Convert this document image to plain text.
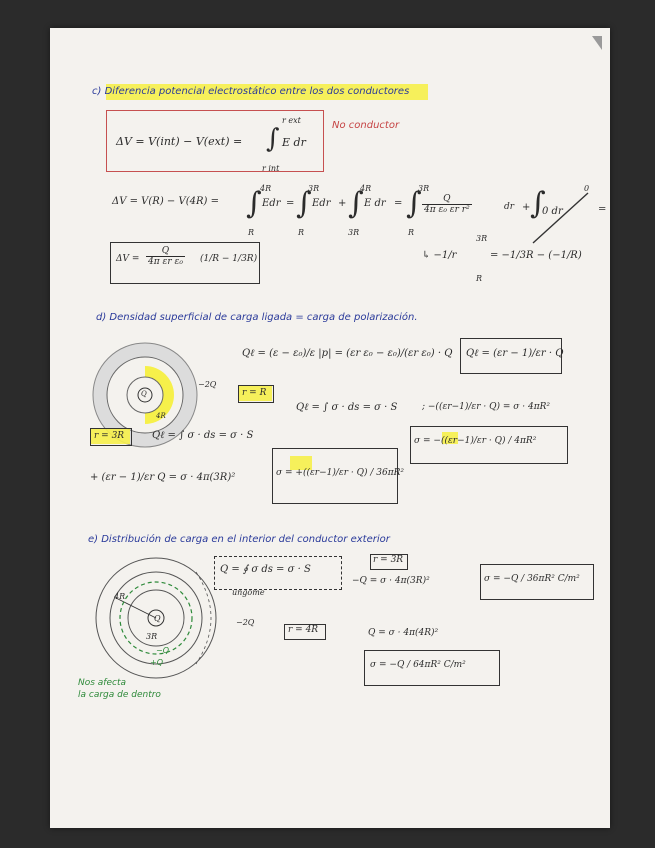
c) Diferencia potencial electrostático entre los dos conductores
ΔV = V(int) − V(ext) = ∫
r ext
r int
E dr
No conductor
ΔV = V(R) − V(4R) = ∫
4R
R
Edr = ∫
3R
R
Edr + ∫
4R
3R
E dr = ∫
3R
R
$\frac{Q}{\text{4π ε₀ εr r²}}$	dr + ∫
0 dr
0
=
↳ −1/r
3R
R
= −1/3R − (−1/R)
$\Delta V = \frac{Q}{\text{4π εr ε₀}} (1/R - 1/3R)$
d) Densidad superficial de carga ligada = carga de polarización.
Q
4R
−2Q
Qℓ = (ε − ε₀)/ε |p| = (εr ε₀ − ε₀)/(εr ε₀) · Q Qℓ = (εr − 1)/εr · Q
r = R
Qℓ = ∫ σ · ds = σ · S	; −((εr−1)/εr · Q) = σ · 4πR²
σ = −((εr−1)/εr · Q) / 4πR²
r = 3R	Qℓ = ∫ σ · ds = σ · S
+ (εr − 1)/εr Q = σ · 4π(3R)²	σ = +((εr−1)/εr · Q) / 36πR²
e) Distribución de carga en el interior del conductor exterior
4R
3R
Q	−2Q
−Q
+Q
Nos afecta
la carga de dentro
Q = ∮ σ ds = σ · S
ungome
r = 3R
−Q = σ · 4π(3R)²	σ = −Q / 36πR² C/m²
r = 4R	Q = σ · 4π(4R)²
σ = −Q / 64πR² C/m²
